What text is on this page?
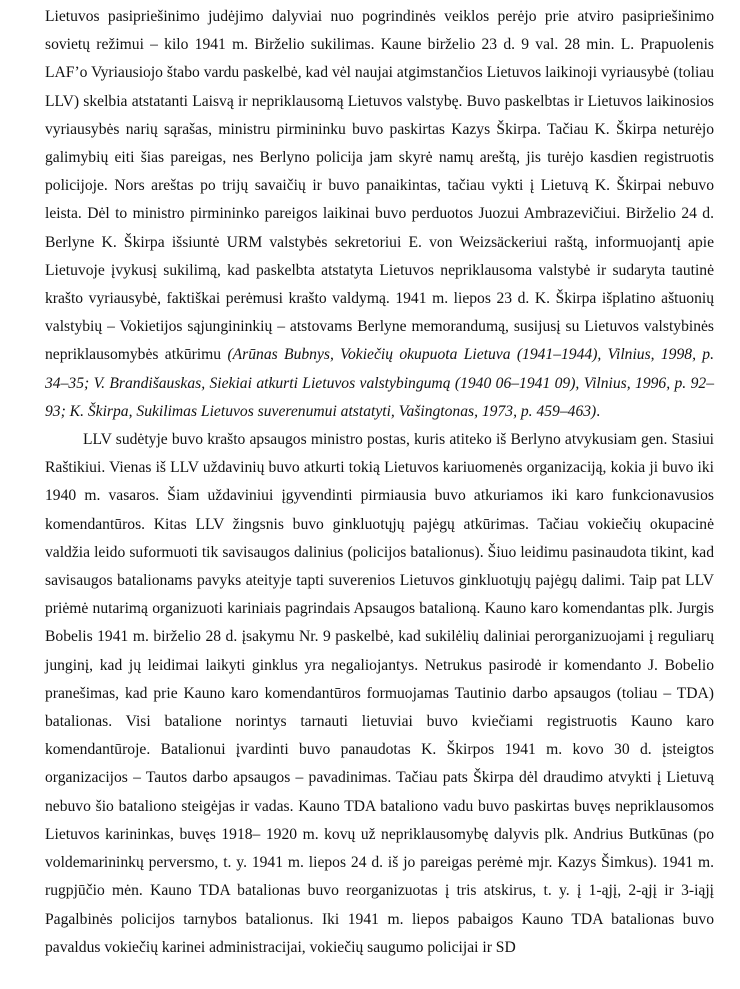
Lietuvos pasipriešinimo judėjimo dalyviai nuo pogrindinės veiklos perėjo prie atviro pasipriešinimo sovietų režimui – kilo 1941 m. Birželio sukilimas. Kaune birželio 23 d. 9 val. 28 min. L. Prapuolenis LAF’o Vyriausiojo štabo vardu paskelbė, kad vėl naujai atgimstančios Lietuvos laikinoji vyriausybė (toliau LLV) skelbia atstatanti Laisvą ir nepriklausomą Lietuvos valstybę. Buvo paskelbtas ir Lietuvos laikinosios vyriausybės narių sąrašas, ministru pirmininku buvo paskirtas Kazys Škirpa. Tačiau K. Škirpa neturėjo galimybių eiti šias pareigas, nes Berlyno policija jam skyrė namų areštą, jis turėjo kasdien registruotis policijoje. Nors areštas po trijų savaičių ir buvo panaikintas, tačiau vykti į Lietuvą K. Škirpai nebuvo leista. Dėl to ministro pirmininko pareigos laikinai buvo perduotos Juozui Ambrazevičiui. Birželio 24 d. Berlyne K. Škirpa išsiuntė URM valstybės sekretoriui E. von Weizsäckeriui raštą, informuojantį apie Lietuvoje įvykusį sukilimą, kad paskelbta atstatyta Lietuvos nepriklausoma valstybė ir sudaryta tautinė krašto vyriausybė, faktiškai perėmusi krašto valdymą. 1941 m. liepos 23 d. K. Škirpa išplatino aštuonių valstybių – Vokietijos sąjungininkių – atstovams Berlyne memorandumą, susijusį su Lietuvos valstybinės nepriklausomybės atkūrimu (Arūnas Bubnys, Vokiečių okupuota Lietuva (1941–1944), Vilnius, 1998, p. 34–35; V. Brandišauskas, Siekiai atkurti Lietuvos valstybingumą (1940 06–1941 09), Vilnius, 1996, p. 92–93; K. Škirpa, Sukilimas Lietuvos suverenumui atstatyti, Vašingtonas, 1973, p. 459–463).

LLV sudėtyje buvo krašto apsaugos ministro postas, kuris atiteko iš Berlyno atvykusiam gen. Stasiui Raštikiui. Vienas iš LLV uždavinių buvo atkurti tokią Lietuvos kariuomenės organizaciją, kokia ji buvo iki 1940 m. vasaros. Šiam uždaviniui įgyvendinti pirmiausia buvo atkuriamos iki karo funkcionavusios komendantūros. Kitas LLV žingsnis buvo ginkluotųjų pajėgų atkūrimas. Tačiau vokiečių okupacinė valdžia leido suformuoti tik savisaugos dalinius (policijos batalionus). Šiuo leidimu pasinaudota tikint, kad savisaugos batalionams pavyks ateityje tapti suverenios Lietuvos ginkluotųjų pajėgų dalimi. Taip pat LLV priėmė nutarimą organizuoti kariniais pagrindais Apsaugos batalioną. Kauno karo komendantas plk. Jurgis Bobelis 1941 m. birželio 28 d. įsakymu Nr. 9 paskelbė, kad sukilėlių daliniai perorganizuojami į reguliarų junginį, kad jų leidimai laikyti ginklus yra negaliojantys. Netrukus pasirodė ir komendanto J. Bobelio pranešimas, kad prie Kauno karo komendantūros formuojamas Tautinio darbo apsaugos (toliau – TDA) batalionas. Visi batalione norintys tarnauti lietuviai buvo kviečiami registruotis Kauno karo komendantūroje. Batalionui įvardinti buvo panaudotas K. Škirpos 1941 m. kovo 30 d. įsteigtos organizacijos – Tautos darbo apsaugos – pavadinimas. Tačiau pats Škirpa dėl draudimo atvykti į Lietuvą nebuvo šio bataliono steigėjas ir vadas. Kauno TDA bataliono vadu buvo paskirtas buvęs nepriklausomos Lietuvos karininkas, buvęs 1918– 1920 m. kovų už nepriklausomybę dalyvis plk. Andrius Butkūnas (po voldemarininkų perversmo, t. y. 1941 m. liepos 24 d. iš jo pareigas perėmė mjr. Kazys Šimkus). 1941 m. rugpjūčio mėn. Kauno TDA batalionas buvo reorganizuotas į tris atskirus, t. y. į 1-ąjį, 2-ąjį ir 3-iąjį Pagalbinės policijos tarnybos batalionus. Iki 1941 m. liepos pabaigos Kauno TDA batalionas buvo pavaldus vokiečių karinei administracijai, vokiečių saugumo policijai ir SD
